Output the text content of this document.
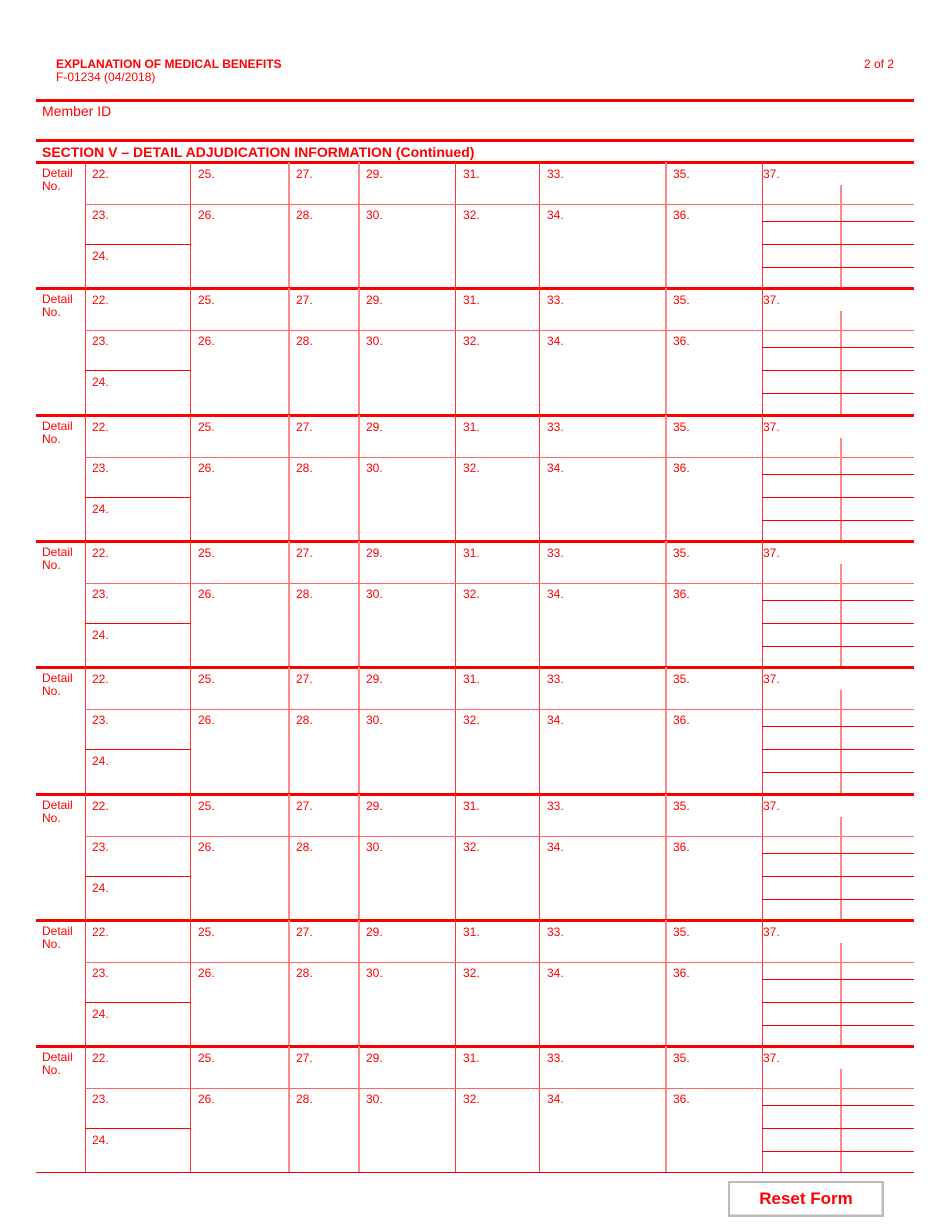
EXPLANATION OF MEDICAL BENEFITS
F-01234 (04/2018)
2 of 2
Member ID
SECTION V – DETAIL ADJUDICATION INFORMATION (Continued)
Detail
No.
22.
23.
24.
25.
26.
27.
28.
29.
30.
31.
32.
33.
34.
35.
36.
37.
Detail
No.
22.
23.
24.
25.
26.
27.
28.
29.
30.
31.
32.
33.
34.
35.
36.
37.
Detail
No.
22.
23.
24.
25.
26.
27.
28.
29.
30.
31.
32.
33.
34.
35.
36.
37.
Detail
No.
22.
23.
24.
25.
26.
27.
28.
29.
30.
31.
32.
33.
34.
35.
36.
37.
Detail
No.
22.
23.
24.
25.
26.
27.
28.
29.
30.
31.
32.
33.
34.
35.
36.
37.
Detail
No.
22.
23.
24.
25.
26.
27.
28.
29.
30.
31.
32.
33.
34.
35.
36.
37.
Detail
No.
22.
23.
24.
25.
26.
27.
28.
29.
30.
31.
32.
33.
34.
35.
36.
37.
Detail
No.
22.
23.
24.
25.
26.
27.
28.
29.
30.
31.
32.
33.
34.
35.
36.
37.
Reset Form
